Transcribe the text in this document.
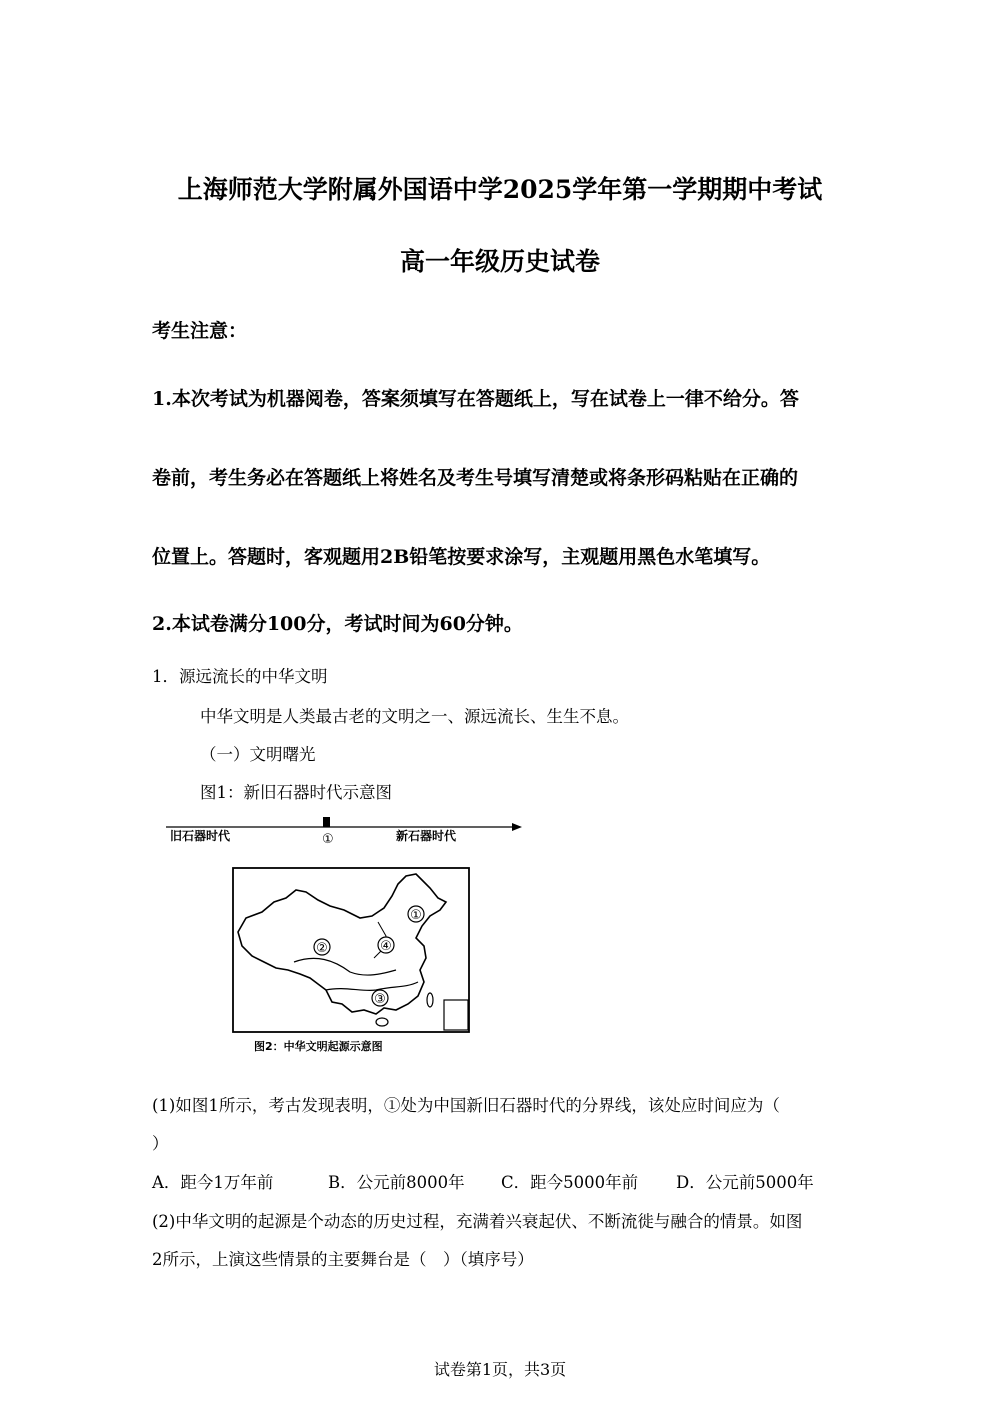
上海师范大学附属外国语中学2025学年第一学期期中考试
高一年级历史试卷
考生注意：
1.本次考试为机器阅卷，答案须填写在答题纸上，写在试卷上一律不给分。答
卷前，考生务必在答题纸上将姓名及考生号填写清楚或将条形码粘贴在正确的
位置上。答题时，客观题用2B铅笔按要求涂写，主观题用黑色水笔填写。
2.本试卷满分100分，考试时间为60分钟。
1．源远流长的中华文明
中华文明是人类最古老的文明之一、源远流长、生生不息。
（一）文明曙光
图1：新旧石器时代示意图
旧石器时代	①	新石器时代
②	④
①
③
图2：中华文明起源示意图
(1)如图1所示，考古发现表明，①处为中国新旧石器时代的分界线，该处应时间应为（
）
A．距今1万年前	B．公元前8000年 C．距今5000年前 D．公元前5000年
(2)中华文明的起源是个动态的历史过程，充满着兴衰起伏、不断流徙与融合的情景。如图
2所示，上演这些情景的主要舞台是（　）（填序号）
试卷第1页，共3页
